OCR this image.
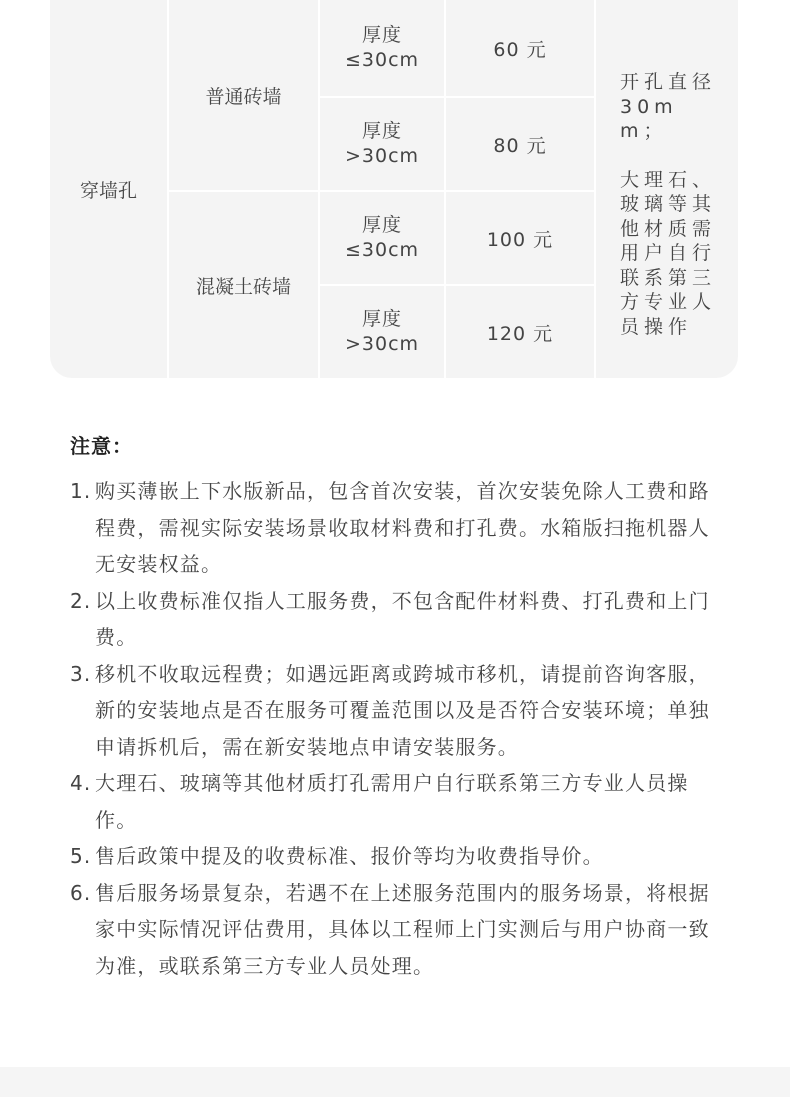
穿墙孔
普通砖墙
混凝土砖墙
厚度
≤30cm
厚度
>30cm
厚度
≤30cm
厚度
>30cm
60 元
80 元
100 元
120 元

开孔直径30mm；

大理石、玻璃等其他材质需用户自行联系第三方专业人员操作

注意：
1. 购买薄嵌上下水版新品，包含首次安装，首次安装免除人工费和路程费，需视实际安装场景收取材料费和打孔费。水箱版扫拖机器人无安装权益。
2. 以上收费标准仅指人工服务费，不包含配件材料费、打孔费和上门费。
3. 移机不收取远程费；如遇远距离或跨城市移机，请提前咨询客服，新的安装地点是否在服务可覆盖范围以及是否符合安装环境；单独申请拆机后，需在新安装地点申请安装服务。
4. 大理石、玻璃等其他材质打孔需用户自行联系第三方专业人员操作。
5. 售后政策中提及的收费标准、报价等均为收费指导价。
6. 售后服务场景复杂，若遇不在上述服务范围内的服务场景，将根据家中实际情况评估费用，具体以工程师上门实测后与用户协商一致为准，或联系第三方专业人员处理。
